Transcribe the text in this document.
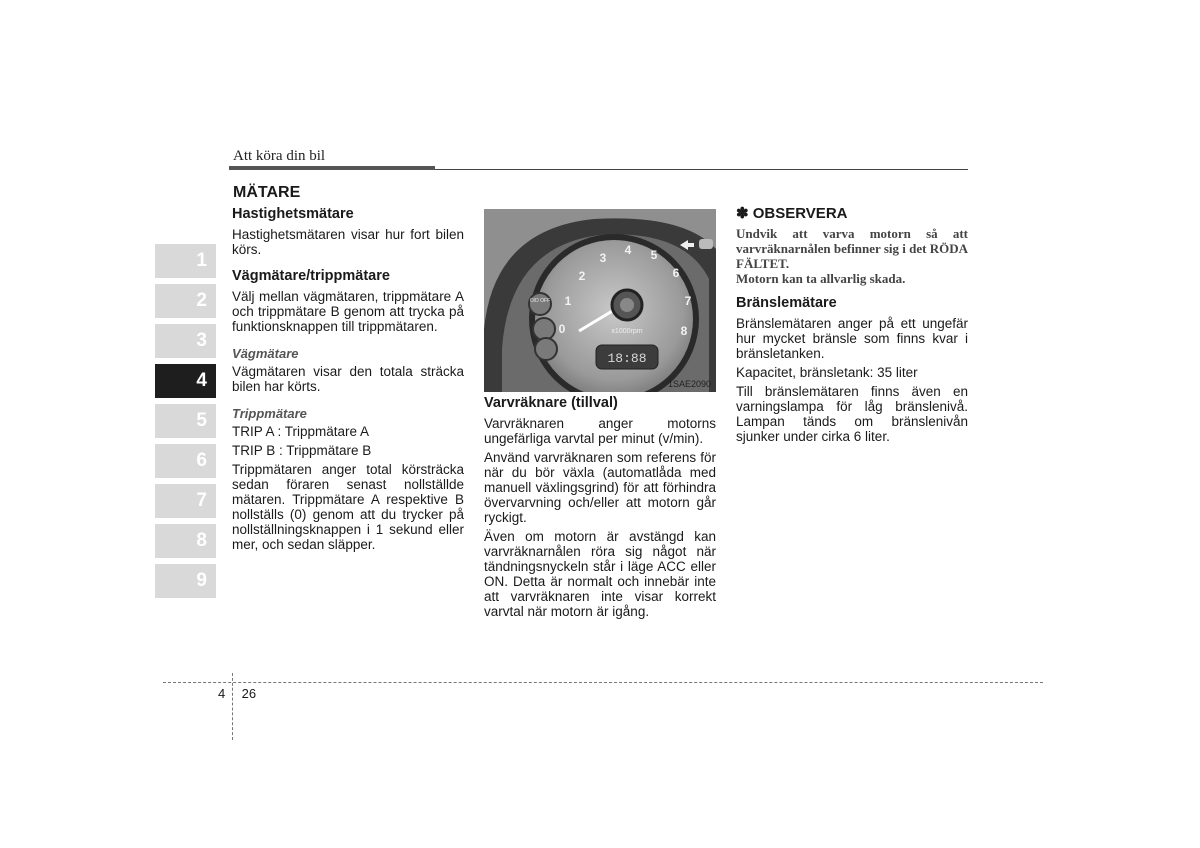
Att köra din bil
MÄTARE
1
2
3
4
5
6
7
8
9
Hastighetsmätare

Hastighetsmätaren visar hur fort bilen körs.

Vägmätare/trippmätare

Välj mellan vägmätaren, trippmätare A och trippmätare B genom att trycka på funktionsknappen till trippmätaren.

Vägmätare

Vägmätaren visar den totala sträcka bilen har körts.

Trippmätare

TRIP A : Trippmätare A

TRIP B : Trippmätare B

Trippmätaren anger total körsträcka sedan föraren senast nollställde mätaren. Trippmätare A respektive B nollställs (0) genom att du trycker på nollställningsknappen i 1 sekund eller mer, och sedan släpper.

0
1
2
3
4 5
6
7
8
x1000rpm
18:88
O/D OFF
1SAE2090
Varvräknare (tillval)

Varvräknaren anger motorns ungefärliga varvtal per minut (v/min).

Använd varvräknaren som referens för när du bör växla (automatlåda med manuell växlingsgrind) för att förhindra övervarvning och/eller att motorn går ryckigt.

Även om motorn är avstängd kan varvräknarnålen röra sig något när tändningsnyckeln står i läge ACC eller ON. Detta är normalt och innebär inte att varvräknaren inte visar korrekt varvtal när motorn är igång.

✽ OBSERVERA
Undvik att varva motorn så att varvräknarnålen befinner sig i det RÖDA FÄLTET.
Motorn kan ta allvarlig skada.
Bränslemätare

Bränslemätaren anger på ett ungefär hur mycket bränsle som finns kvar i bränsletanken.

Kapacitet, bränsletank: 35 liter

Till bränslemätaren finns även en varningslampa för låg bränslenivå. Lampan tänds om bränslenivån sjunker under cirka 6 liter.

4 26
